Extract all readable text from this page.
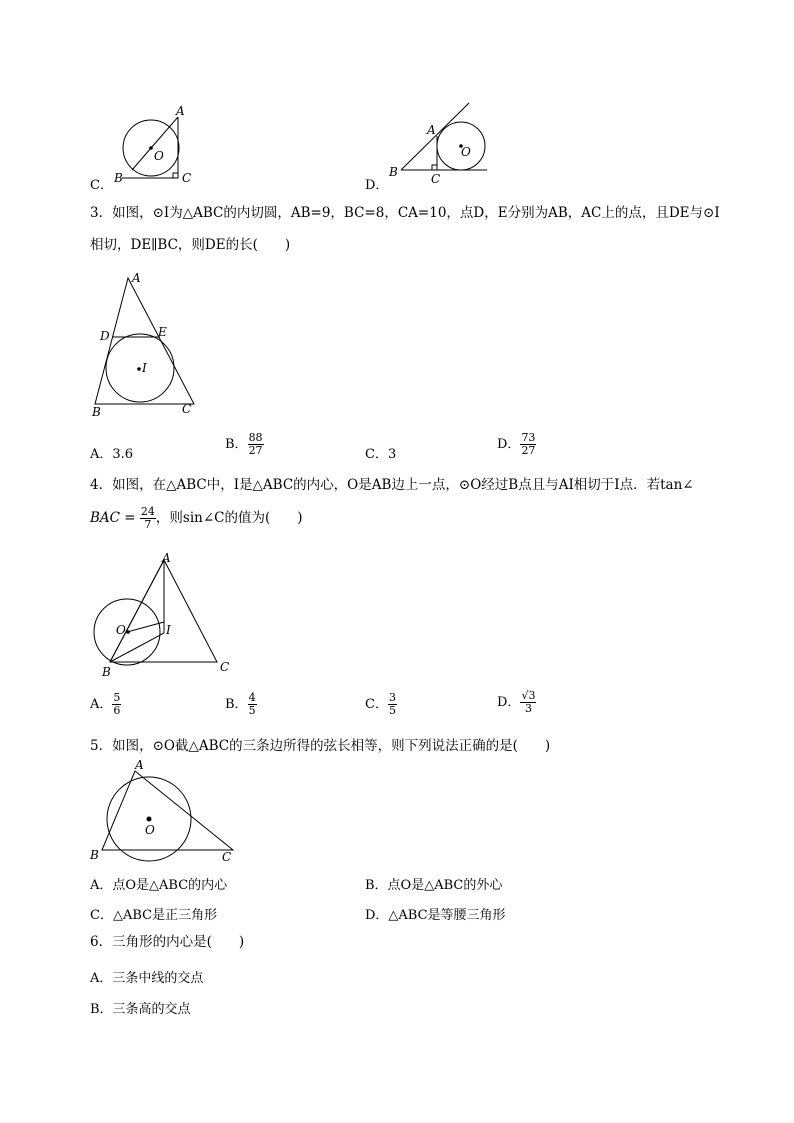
C．
O
A
B	C	D．
O
A
B	C
3．如图，⊙I为△ABC的内切圆，AB=9，BC=8，CA=10，点D，E分别为AB，AC上的点，且DE与⊙I
相切，DE∥BC，则DE的长(　　)
I
A
D	E
B	C
A．3.6
B． $\frac{88}{27}$	C．3
D． $\frac{73}{27}$
4．如图，在△ABC中，I是△ABC的内心，O是AB边上一点，⊙O经过B点且与AI相切于I点．若tan∠
BAC = $\frac{24}{7}$ ，则sin∠C的值为(　　)
O	I
A
B	C
A． $\frac{5}{6}$	B． $\frac{4}{5}$	C． $\frac{3}{5}$	D． $\frac{√3}{3}$
5．如图，⊙O截△ABC的三条边所得的弦长相等，则下列说法正确的是(　　)
O
A
B	C
A．点O是△ABC的内心	B．点O是△ABC的外心
C．△ABC是正三角形	D．△ABC是等腰三角形
6．三角形的内心是(　　)
A．三条中线的交点
B．三条高的交点
